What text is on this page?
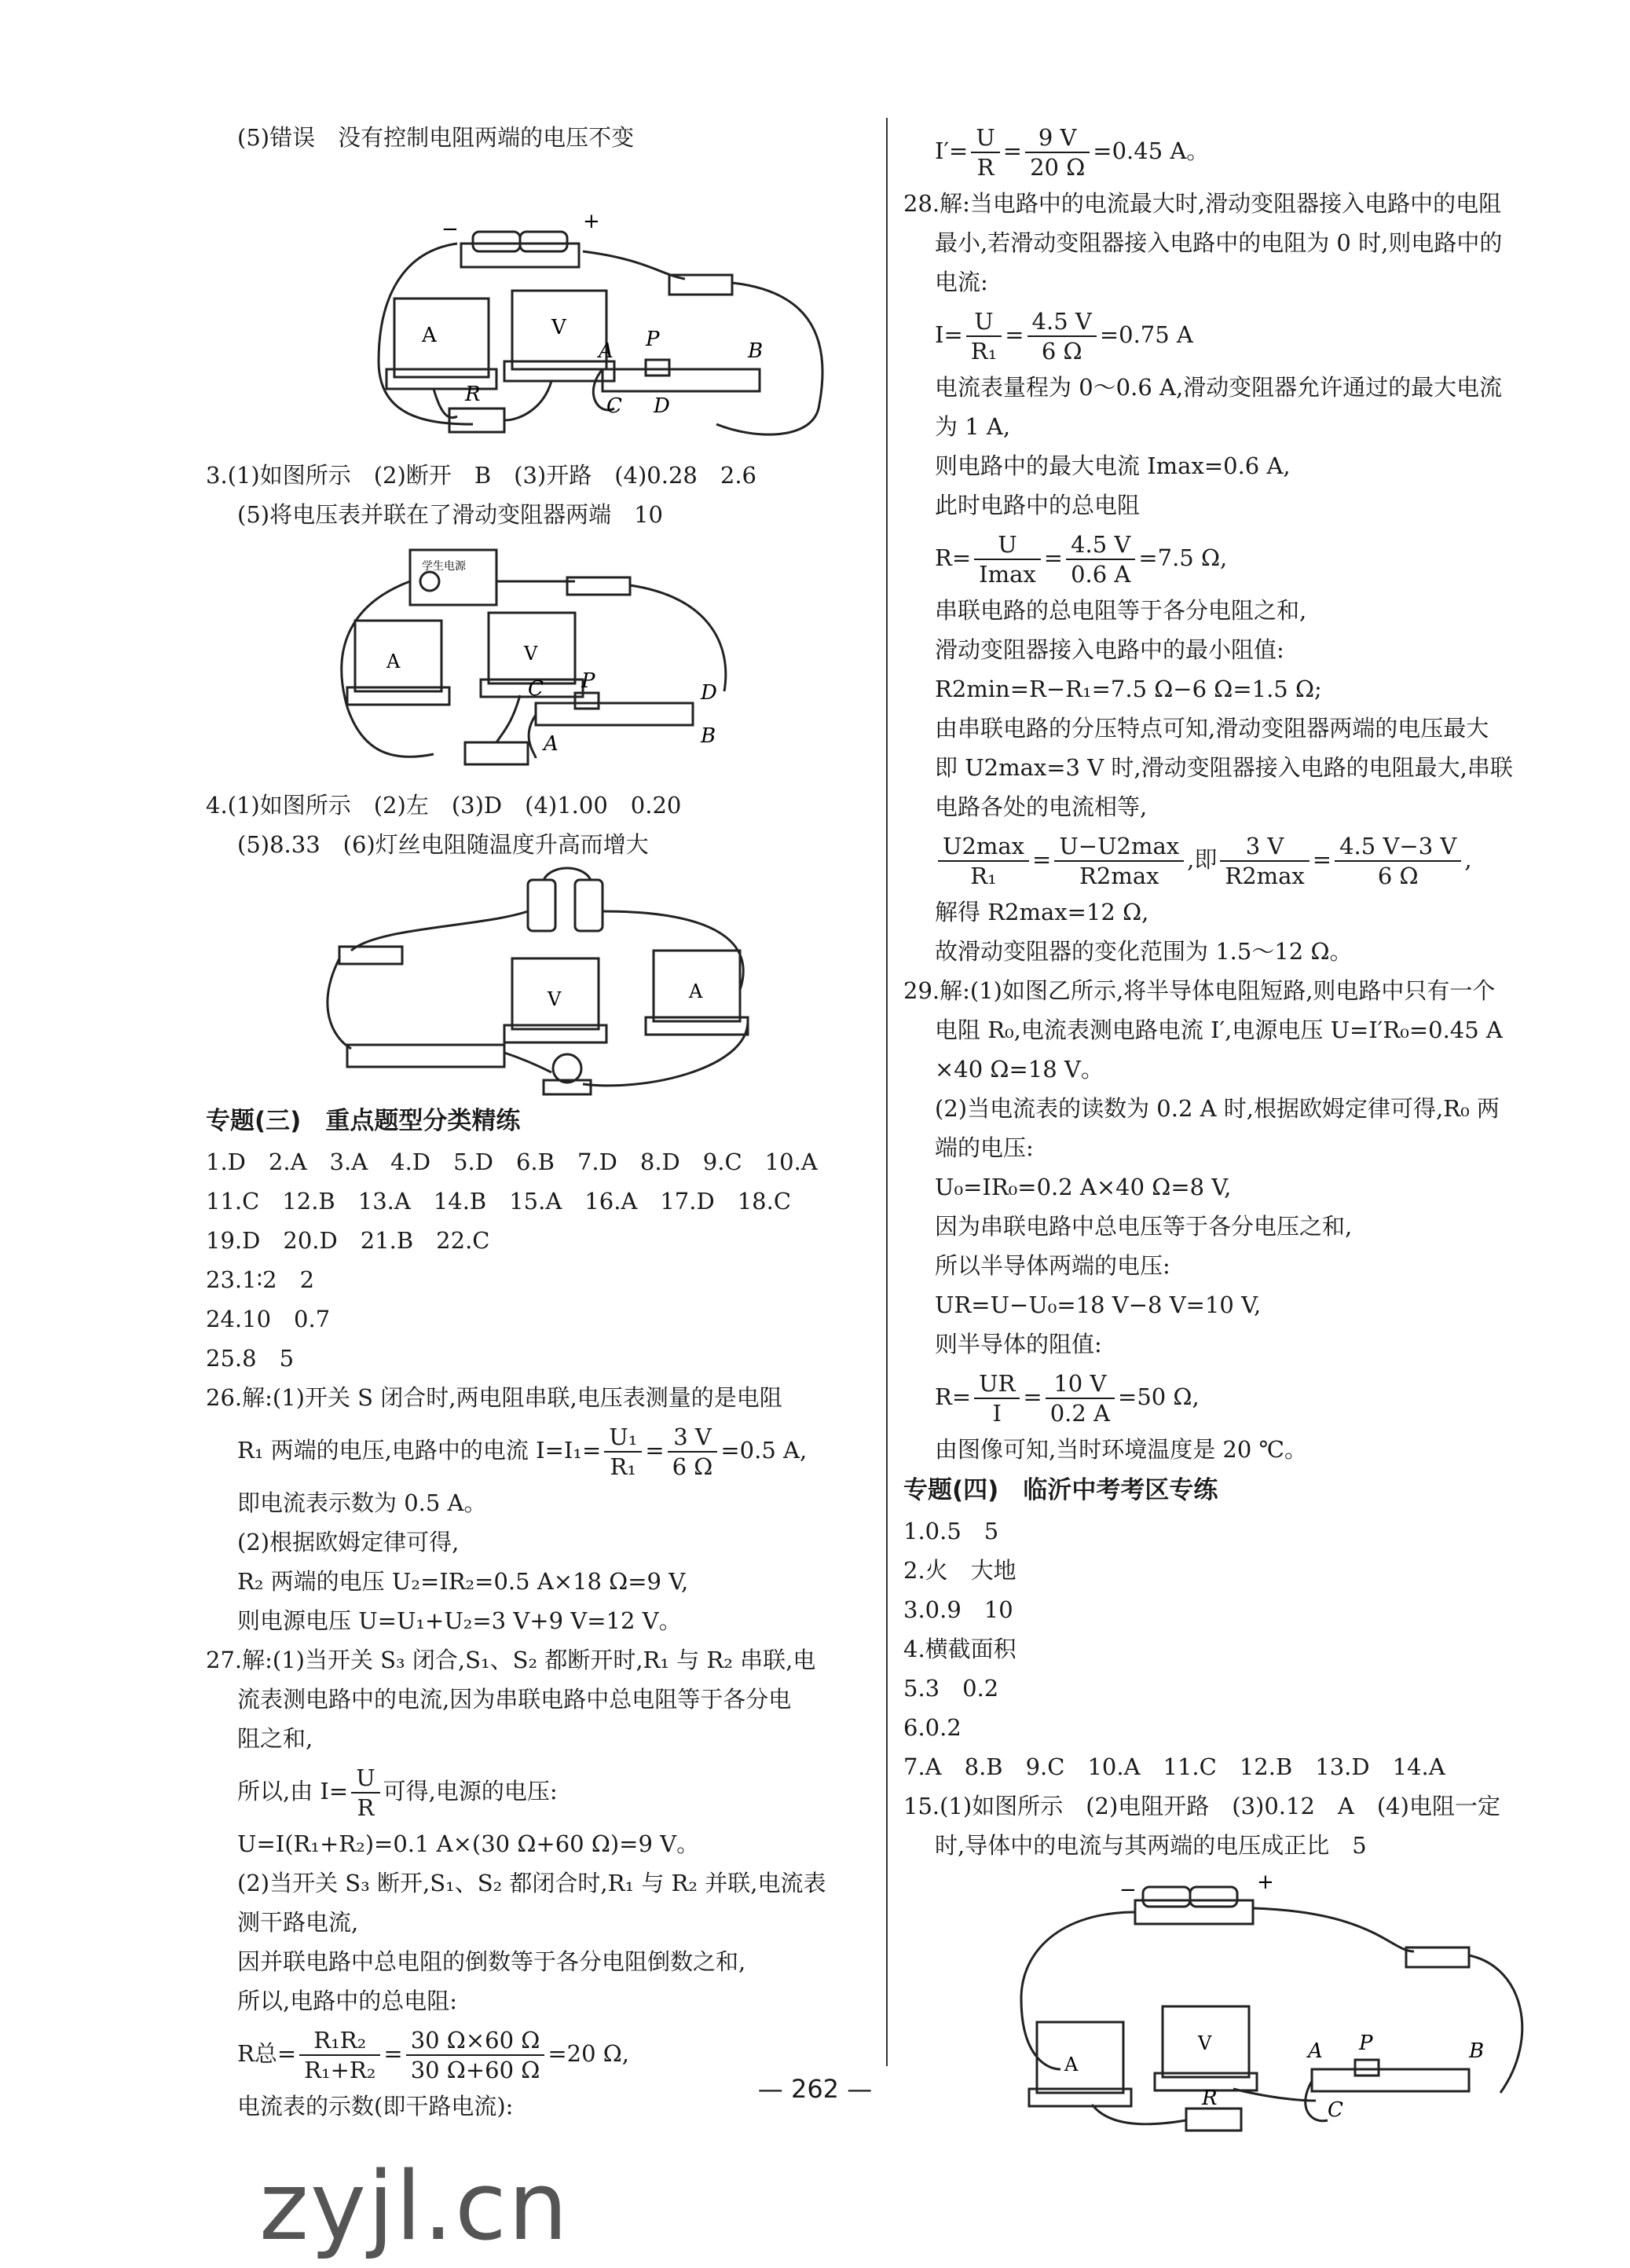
(5)错误　没有控制电阻两端的电压不变
A	V
−	+
A P	B
C D
R
3.(1)如图所示　(2)断开　B　(3)开路　(4)0.28　2.6
(5)将电压表并联在了滑动变阻器两端　10
学生电源
A	V
C P	D
A	B
4.(1)如图所示　(2)左　(3)D　(4)1.00　0.20
(5)8.33　(6)灯丝电阻随温度升高而增大
V	A
专题(三)　重点题型分类精练
1.D　2.A　3.A　4.D　5.D　6.B　7.D　8.D　9.C　10.A
11.C　12.B　13.A　14.B　15.A　16.A　17.D　18.C
19.D　20.D　21.B　22.C
23.1∶2　2
24.10　0.7
25.8　5
26.解:(1)开关 S 闭合时,两电阻串联,电压表测量的是电阻
R₁ 两端的电压,电路中的电流 $I=I_1= \frac{\text{U₁}}{\text{R₁}} = \frac{3 V}{6 \Omega} =0.5$ A,
即电流表示数为 0.5 A。
(2)根据欧姆定律可得,
R₂ 两端的电压 U₂=IR₂=0.5 A×18 Ω=9 V,
则电源电压 U=U₁+U₂=3 V+9 V=12 V。
27.解:(1)当开关 S₃ 闭合,S₁、S₂ 都断开时,R₁ 与 R₂ 串联,电
流表测电路中的电流,因为串联电路中总电阻等于各分电
阻之和,
所以,由 $I= \frac{U}{R}$ 可得,电源的电压:
U=I(R₁+R₂)=0.1 A×(30 Ω+60 Ω)=9 V。
(2)当开关 S₃ 断开,S₁、S₂ 都闭合时,R₁ 与 R₂ 并联,电流表
测干路电流,
因并联电路中总电阻的倒数等于各分电阻倒数之和,
所以,电路中的总电阻:
R总= $\frac{\text{R₁R₂}}{\text{R₁+R₂}} = \frac{30 \Omega\times 60 \Omega}{30 \Omega+60 \Omega} =20$ Ω,
电流表的示数(即干路电流):
$I'= \frac{U}{R} = \frac{9 V}{20 \Omega} =0.45$ A。
28.解:当电路中的电流最大时,滑动变阻器接入电路中的电阻
最小,若滑动变阻器接入电路中的电阻为 0 时,则电路中的
电流:
$I= \frac{U}{\text{R₁}} = \frac{4.5 V}{6 \Omega} =0.75$ A
电流表量程为 0～0.6 A,滑动变阻器允许通过的最大电流
为 1 A,
则电路中的最大电流 Imax=0.6 A,
此时电路中的总电阻
$R= \frac{U}{Imax} = \frac{4.5 V}{0.6 A} =7.5$ Ω,
串联电路的总电阻等于各分电阻之和,
滑动变阻器接入电路中的最小阻值:
R2min=R−R₁=7.5 Ω−6 Ω=1.5 Ω;
由串联电路的分压特点可知,滑动变阻器两端的电压最大
即 U2max=3 V 时,滑动变阻器接入电路的电阻最大,串联
电路各处的电流相等,
$\frac{U2\max}{\text{R₁}} = \frac{U-U2\max}{R2\max}$ ,即 $\frac{3 V}{R2\max} = \frac{4.5 V-3 V}{6 \Omega}$ ,
解得 R2max=12 Ω,
故滑动变阻器的变化范围为 1.5～12 Ω。
29.解:(1)如图乙所示,将半导体电阻短路,则电路中只有一个
电阻 R₀,电流表测电路电流 I′,电源电压 U=I′R₀=0.45 A
×40 Ω=18 V。
(2)当电流表的读数为 0.2 A 时,根据欧姆定律可得,R₀ 两
端的电压:
U₀=IR₀=0.2 A×40 Ω=8 V,
因为串联电路中总电压等于各分电压之和,
所以半导体两端的电压:
UR=U−U₀=18 V−8 V=10 V,
则半导体的阻值:
$R= \frac{UR}{I} = \frac{10 V}{0.2 A} =50$ Ω,
由图像可知,当时环境温度是 20 ℃。
专题(四)　临沂中考考区专练
1.0.5　5
2.火　大地
3.0.9　10
4.横截面积
5.3　0.2
6.0.2
7.A　8.B　9.C　10.A　11.C　12.B　13.D　14.A
15.(1)如图所示　(2)电阻开路　(3)0.12　A　(4)电阻一定
时,导体中的电流与其两端的电压成正比　5
A
V
−	+
A P	B
C
R
— 262 —
zyjl.cn
